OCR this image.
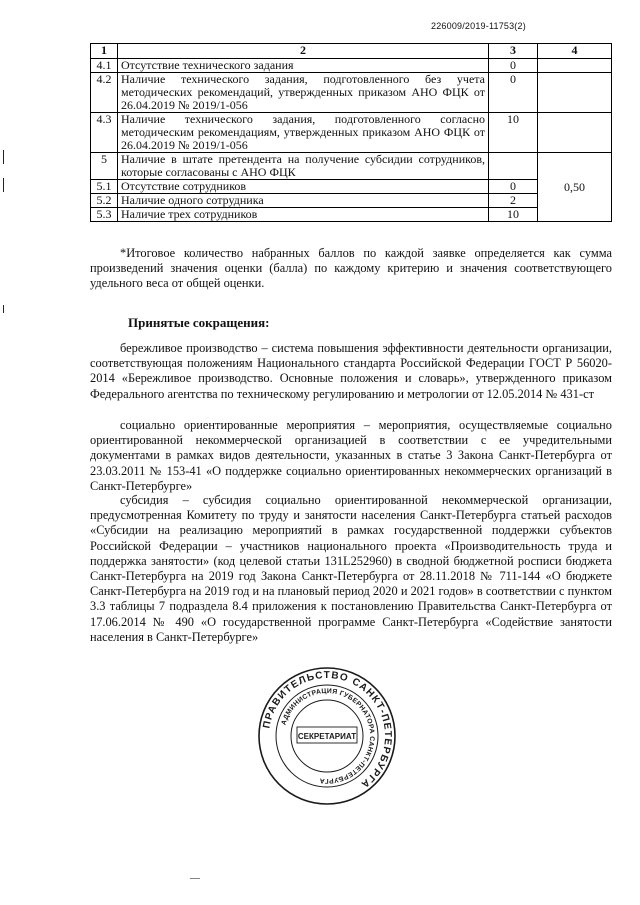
226009/2019-11753(2)
1	2	3	4
4.1	Отсутствие технического задания	0	
4.2	Наличие технического задания, подготовленного без учета методических рекомендаций, утвержденных приказом АНО ФЦК от 26.04.2019 № 2019/1-056	0	
4.3	Наличие технического задания, подготовленного согласно методическим рекомендациям, утвержденных приказом АНО ФЦК от 26.04.2019 № 2019/1-056	10	
5	Наличие в штате претендента на получение субсидии сотрудников, которые согласованы с АНО ФЦК		0,50
5.1	Отсутствие сотрудников	0	
5.2	Наличие одного сотрудника	2	
5.3	Наличие трех сотрудников	10	
*Итоговое количество набранных баллов по каждой заявке определяется как сумма произведений значения оценки (балла) по каждому критерию и значения соответствующего удельного веса от общей оценки.
Принятые сокращения:
бережливое производство – система повышения эффективности деятельности организации, соответствующая положениям Национального стандарта Российской Федерации ГОСТ Р 56020-2014 «Бережливое производство. Основные положения и словарь», утвержденного приказом Федерального агентства по техническому регулированию и метрологии от 12.05.2014 № 431-ст
социально ориентированные мероприятия – мероприятия, осуществляемые социально ориентированной некоммерческой организацией в соответствии с ее учредительными документами в рамках видов деятельности, указанных в статье 3 Закона Санкт-Петербурга от 23.03.2011 № 153-41 «О поддержке социально ориентированных некоммерческих организаций в Санкт-Петербурге»
субсидия – субсидия социально ориентированной некоммерческой организации, предусмотренная Комитету по труду и занятости населения Санкт-Петербурга статьей расходов «Субсидии на реализацию мероприятий в рамках государственной поддержки субъектов Российской Федерации – участников национального проекта «Производительность труда и поддержка занятости» (код целевой статьи 131L252960) в сводной бюджетной росписи бюджета Санкт-Петербурга на 2019 год Закона Санкт-Петербурга от 28.11.2018 № 711-144 «О бюджете Санкт-Петербурга на 2019 год и на плановый период 2020 и 2021 годов» в соответствии с пунктом 3.3 таблицы 7 подраздела 8.4 приложения к постановлению Правительства Санкт-Петербурга от 17.06.2014 № 490 «О государственной программе Санкт-Петербурга «Содействие занятости населения в Санкт-Петербурге»
ПРАВИТЕЛЬСТВО САНКТ-ПЕТЕРБУРГА
АДМИНИСТРАЦИЯ ГУБЕРНАТОРА САНКТ-ПЕТЕРБУРГА
СЕКРЕТАРИАТ
—
